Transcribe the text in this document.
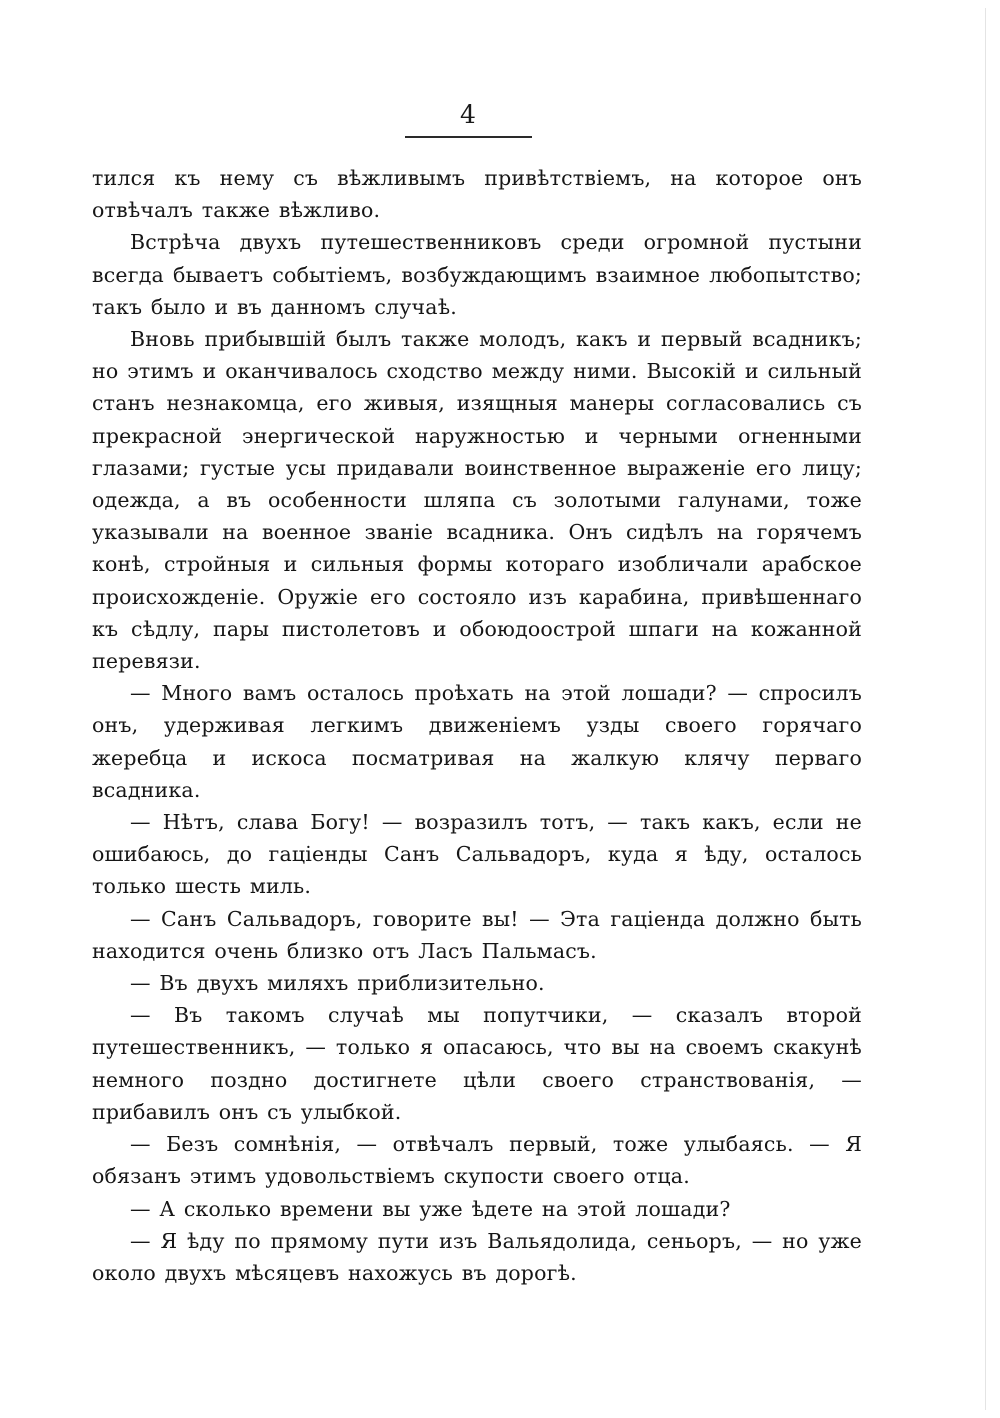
4

тился къ нему съ вѣжливымъ привѣтствіемъ, на которое онъ отвѣчалъ также вѣжливо.

Встрѣча двухъ путешественниковъ среди огромной пустыни всегда бываетъ событіемъ, возбуждающимъ взаимное любопытство; такъ было и въ данномъ случаѣ.

Вновь прибывшій былъ также молодъ, какъ и первый всадникъ; но этимъ и оканчивалось сходство между ними. Высокій и сильный станъ незнакомца, его живыя, изящныя манеры согласовались съ прекрасной энергической наружностью и черными огненными глазами; густые усы придавали воинственное выраженіе его лицу; одежда, а въ особенности шляпа съ золотыми галунами, тоже указывали на военное званіе всадника. Онъ сидѣлъ на горячемъ конѣ, стройныя и сильныя формы котораго изобличали арабское происхожденіе. Оружіе его состояло изъ карабина, привѣшеннаго къ сѣдлу, пары пистолетовъ и обоюдоострой шпаги на кожанной перевязи.

— Много вамъ осталось проѣхать на этой лошади? — спросилъ онъ, удерживая легкимъ движеніемъ узды своего горячаго жеребца и искоса посматривая на жалкую клячу перваго всадника.

— Нѣтъ, слава Богу! — возразилъ тотъ, — такъ какъ, если не ошибаюсь, до гаціенды Санъ Сальвадоръ, куда я ѣду, осталось только шесть миль.

— Санъ Сальвадоръ, говорите вы! — Эта гаціенда должно быть находится очень близко отъ Ласъ Пальмасъ.

— Въ двухъ миляхъ приблизительно.

— Въ такомъ случаѣ мы попутчики, — сказалъ второй путешественникъ, — только я опасаюсь, что вы на своемъ скакунѣ немного поздно достигнете цѣли своего странствованія, — прибавилъ онъ съ улыбкой.

— Безъ сомнѣнія, — отвѣчалъ первый, тоже улыбаясь. — Я обязанъ этимъ удовольствіемъ скупости своего отца.

— А сколько времени вы уже ѣдете на этой лошади?

— Я ѣду по прямому пути изъ Вальядолида, сеньоръ, — но уже около двухъ мѣсяцевъ нахожусь въ дорогѣ.
